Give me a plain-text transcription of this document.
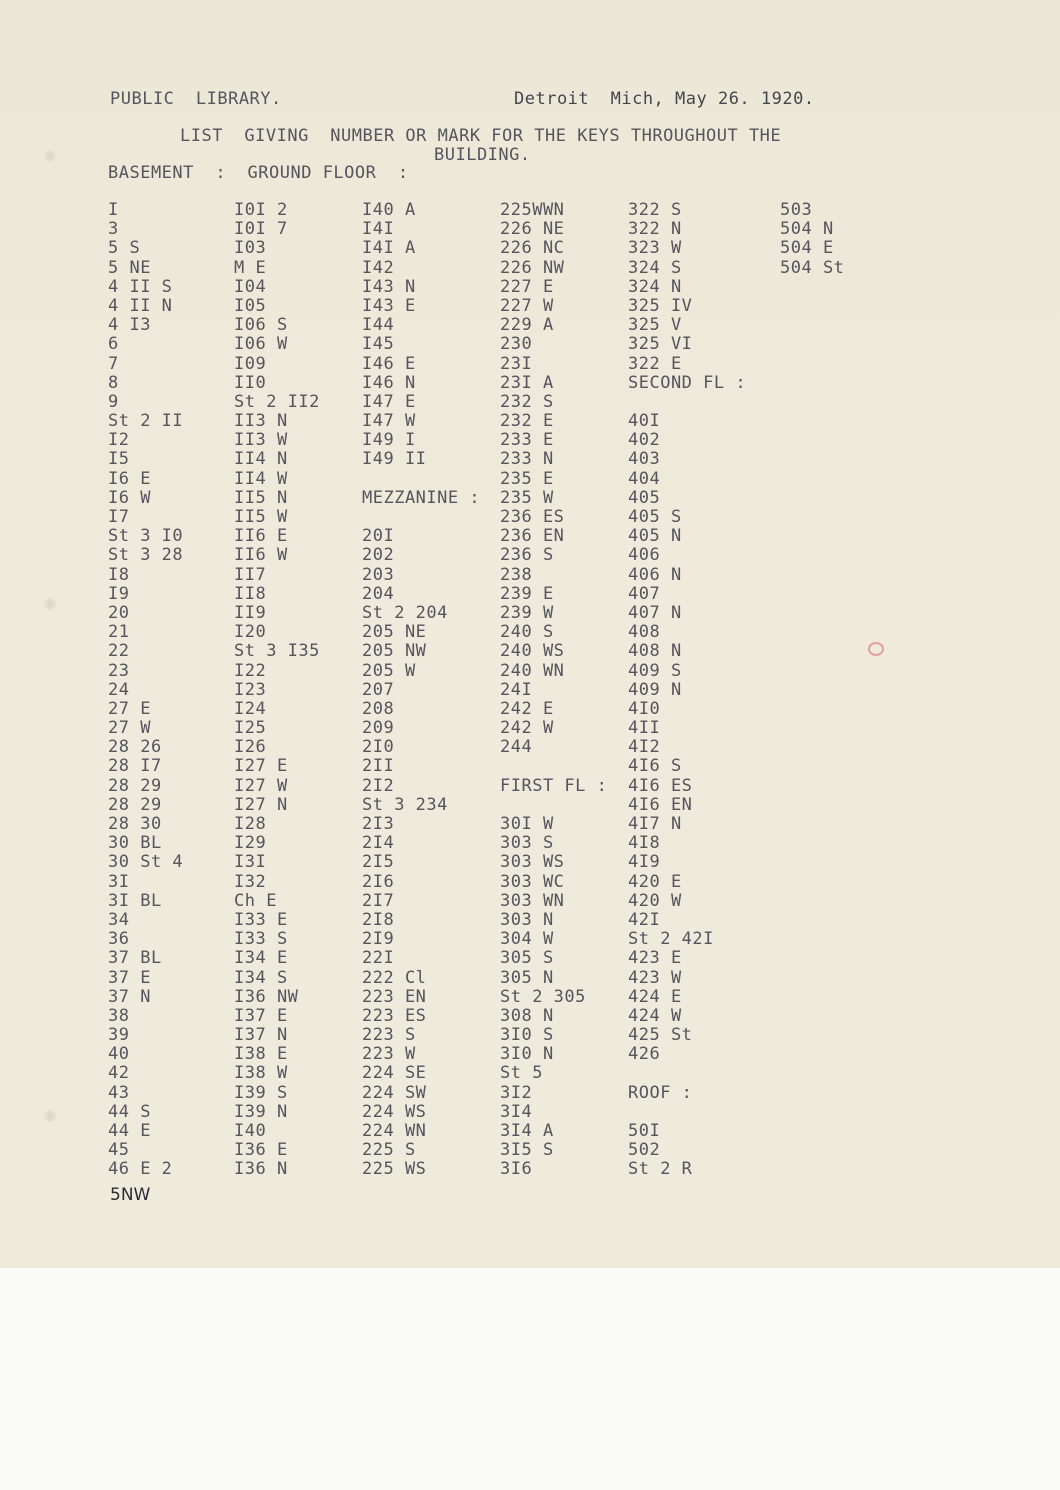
PUBLIC  LIBRARY.	Detroit  Mich, May 26. 1920.
LIST  GIVING  NUMBER OR MARK FOR THE KEYS THROUGHOUT THE
BUILDING.
BASEMENT  :  GROUND FLOOR  :
I
3
5 S
5 NE
4 II S
4 II N
4 I3
6
7
8
9
St 2 II
I2
I5
I6 E
I6 W
I7
St 3 I0
St 3 28
I8
I9
20
21
22
23
24
27 E
27 W
28 26
28 I7
28 29
28 29
28 30
30 BL
30 St 4
3I
3I BL
34
36
37 BL
37 E
37 N
38
39
40
42
43
44 S
44 E
45
46 E 2
I0I 2
I0I 7
I03
M E
I04
I05
I06 S
I06 W
I09
II0
St 2 II2
II3 N
II3 W
II4 N
II4 W
II5 N
II5 W
II6 E
II6 W
II7
II8
II9
I20
St 3 I35
I22
I23
I24
I25
I26
I27 E
I27 W
I27 N
I28
I29
I3I
I32
Ch E
I33 E
I33 S
I34 E
I34 S
I36 NW
I37 E
I37 N
I38 E
I38 W
I39 S
I39 N
I40
I36 E
I36 N
I40 A
I4I
I4I A
I42
I43 N
I43 E
I44
I45
I46 E
I46 N
I47 E
I47 W
I49 I
I49 II
MEZZANINE :
20I
202
203
204
St 2 204
205 NE
205 NW
205 W
207
208
209
2I0
2II
2I2
St 3 234
2I3
2I4
2I5
2I6
2I7
2I8
2I9
22I
222 Cl
223 EN
223 ES
223 S
223 W
224 SE
224 SW
224 WS
224 WN
225 S
225 WS
225WWN
226 NE
226 NC
226 NW
227 E
227 W
229 A
230
23I
23I A
232 S
232 E
233 E
233 N
235 E
235 W
236 ES
236 EN
236 S
238
239 E
239 W
240 S
240 WS
240 WN
24I
242 E
242 W
244
FIRST FL :
30I W
303 S
303 WS
303 WC
303 WN
303 N
304 W
305 S
305 N
St 2 305
308 N
3I0 S
3I0 N
St 5
3I2
3I4
3I4 A
3I5 S
3I6
322 S
322 N
323 W
324 S
324 N
325 IV
325 V
325 VI
322 E
SECOND FL :
40I
402
403
404
405
405 S
405 N
406
406 N
407
407 N
408
408 N
409 S
409 N
4I0
4II
4I2
4I6 S
4I6 ES
4I6 EN
4I7 N
4I8
4I9
420 E
420 W
42I
St 2 42I
423 E
423 W
424 E
424 W
425 St
426
ROOF :
50I
502
St 2 R
503
504 N
504 E
504 St
5NW
